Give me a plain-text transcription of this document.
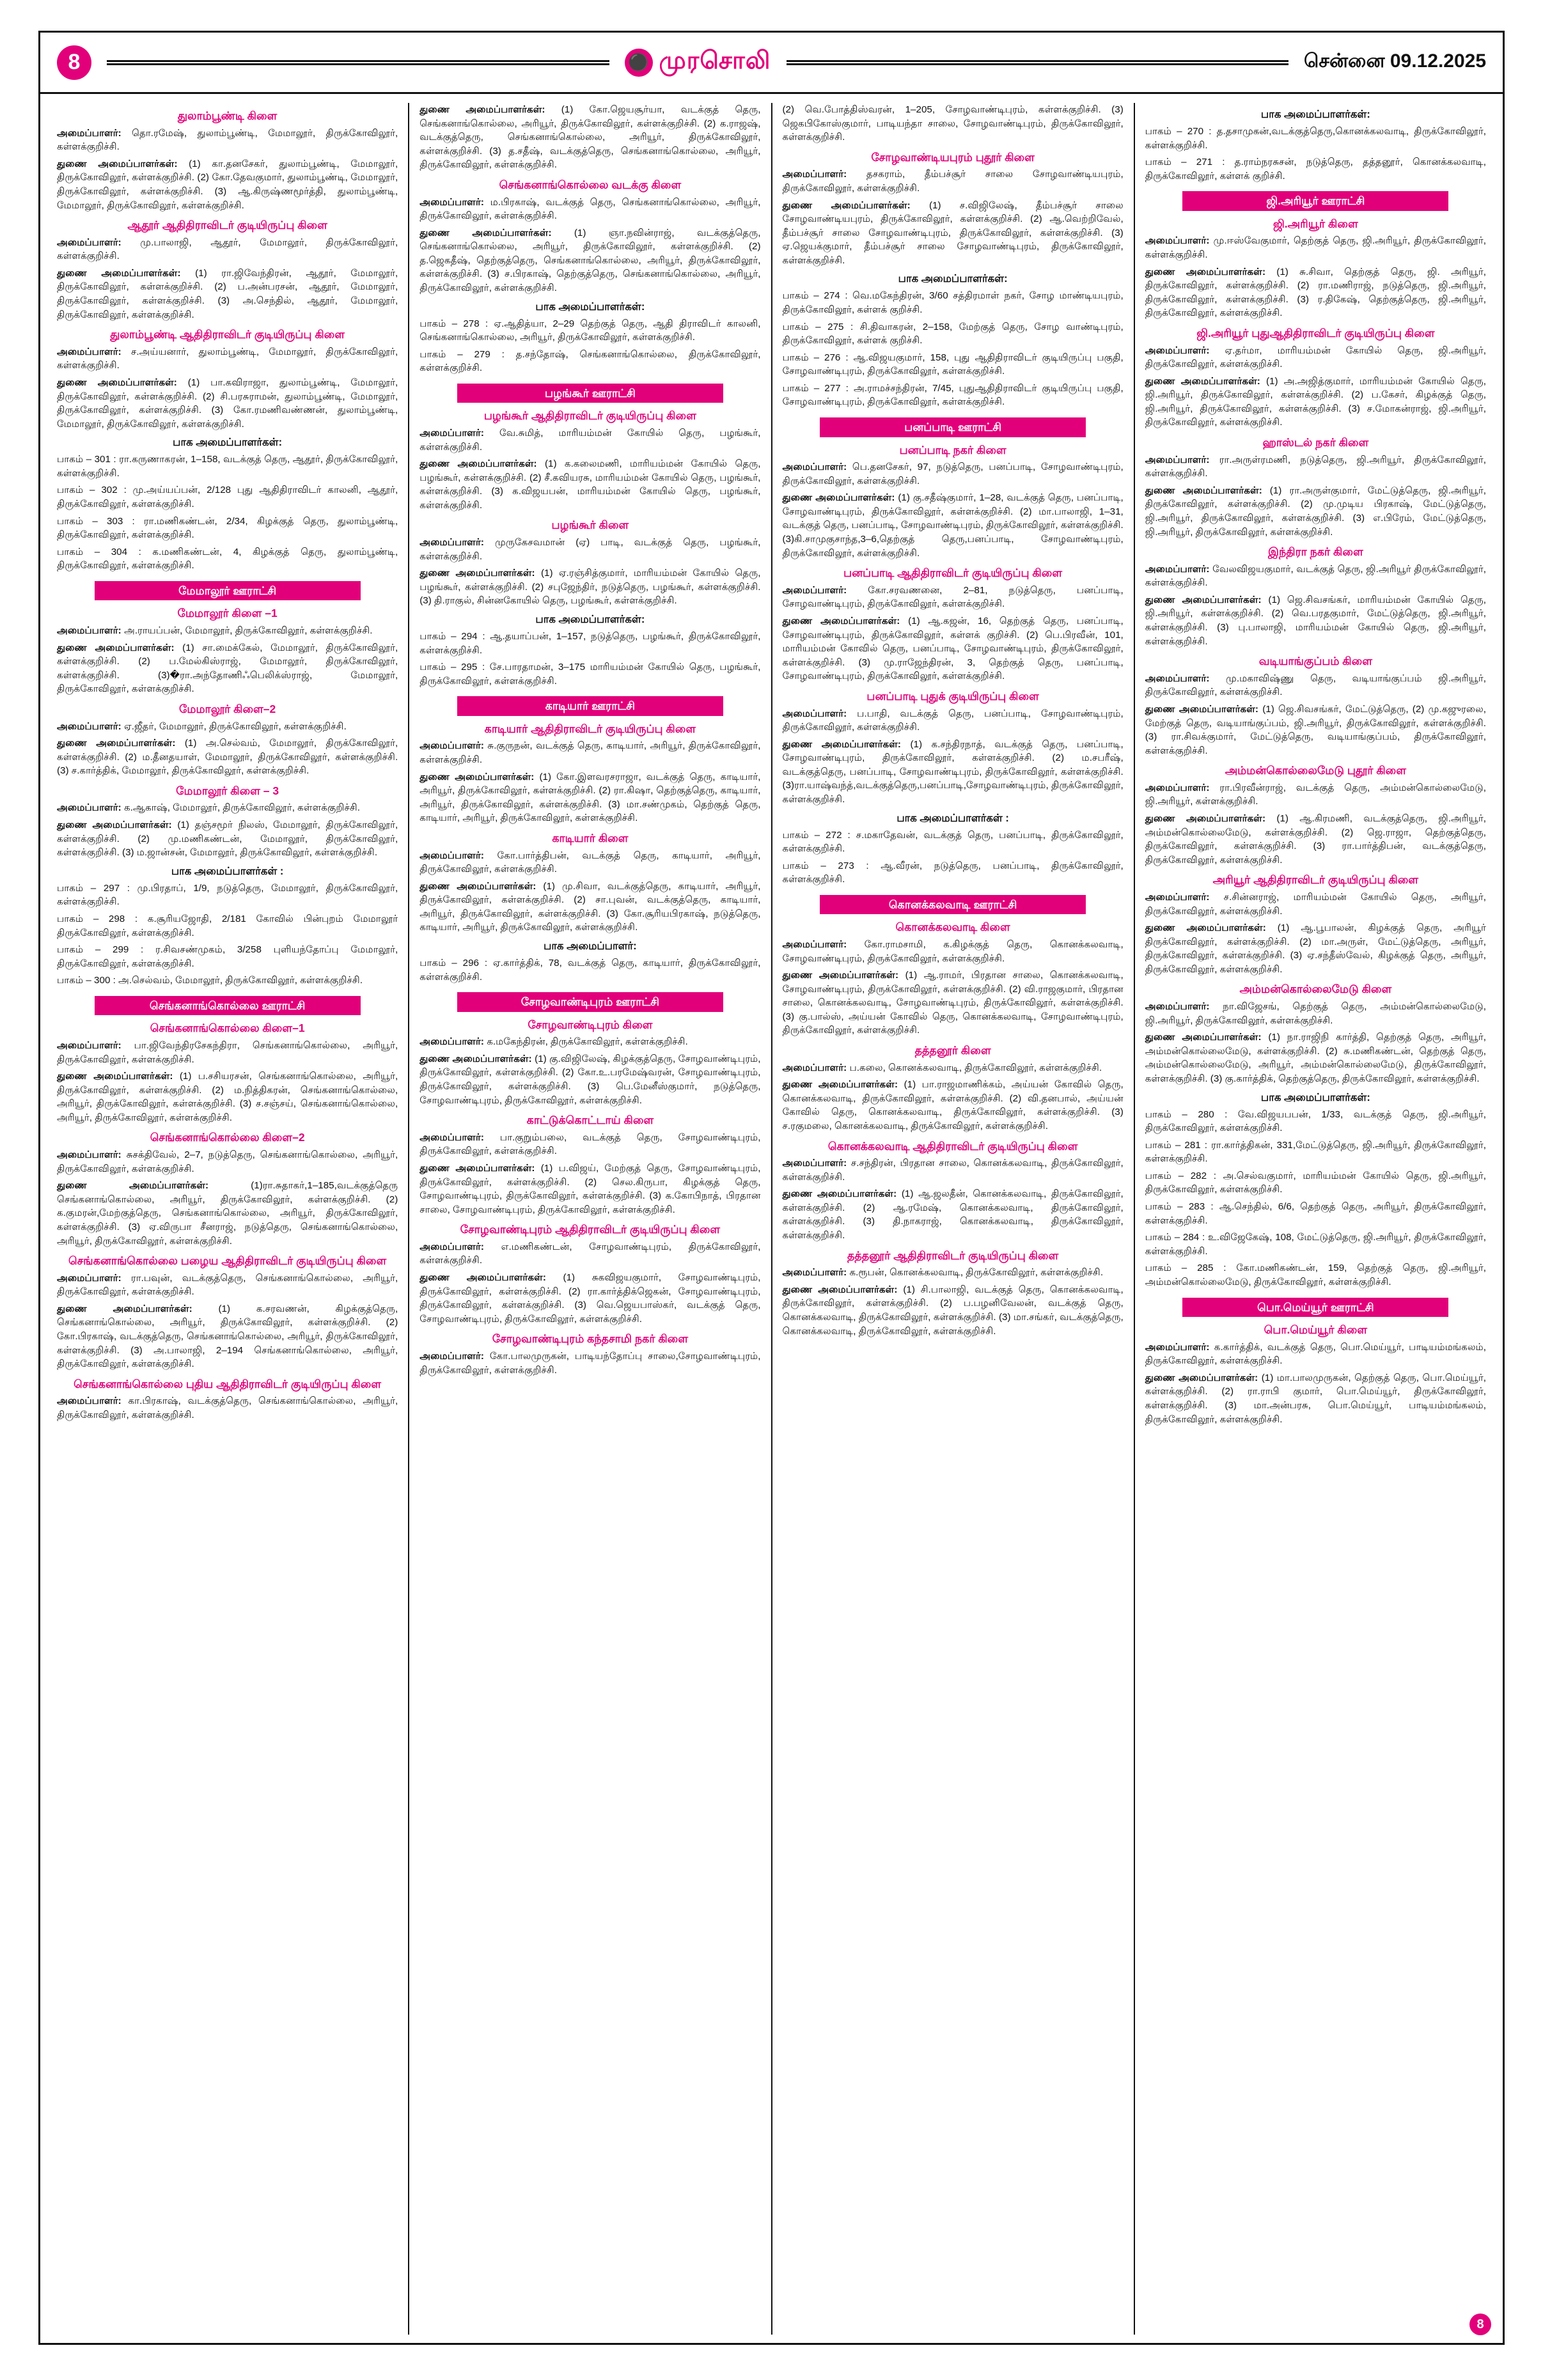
8	⚫ முரசொலி	சென்னை 09.12.2025
துலாம்பூண்டி கிளை

அமைப்பாளர்: தொ.ரமேஷ், துலாம்பூண்டி, மேமாலூர், திருக்கோவிலூர், கள்ளக்குறிச்சி.

துணை அமைப்பாளர்கள்: (1) கா.தனசேகர், துலாம்பூண்டி, மேமாலூர், திருக்கோவிலூர், கள்ளக்குறிச்சி. (2) கோ.தேவகுமார், துலாம்பூண்டி, மேமாலூர், திருக்கோவிலூர், கள்ளக்குறிச்சி. (3) ஆ.கிருஷ்ணமூர்த்தி, துலாம்பூண்டி, மேமாலூர், திருக்கோவிலூர், கள்ளக்குறிச்சி.

ஆதூர் ஆதிதிராவிடர் குடியிருப்பு கிளை

அமைப்பாளர்: மு.பாலாஜி, ஆதூர், மேமாலூர், திருக்கோவிலூர், கள்ளக்குறிச்சி.

துணை அமைப்பாளர்கள்: (1) ரா.ஜிவேந்திரன், ஆதூர், மேமாலூர், திருக்கோவிலூர், கள்ளக்குறிச்சி. (2) ப.அன்பரசன், ஆதூர், மேமாலூர், திருக்கோவிலூர், கள்ளக்குறிச்சி. (3) அ.செந்தில், ஆதூர், மேமாலூர், திருக்கோவிலூர், கள்ளக்குறிச்சி.

துலாம்பூண்டி ஆதிதிராவிடர் குடியிருப்பு கிளை

அமைப்பாளர்: ச.அய்யனார், துலாம்பூண்டி, மேமாலூர், திருக்கோவிலூர், கள்ளக்குறிச்சி.

துணை அமைப்பாளர்கள்: (1) பா.கவிராஜா, துலாம்பூண்டி, மேமாலூர், திருக்கோவிலூர், கள்ளக்குறிச்சி. (2) சி.பரசுராமன், துலாம்பூண்டி, மேமாலூர், திருக்கோவிலூர், கள்ளக்குறிச்சி. (3) கோ.ரமணிவண்ணன், துலாம்பூண்டி, மேமாலூர், திருக்கோவிலூர், கள்ளக்குறிச்சி.

பாக அமைப்பாளர்கள்:

பாகம் – 301 : ரா.கருணாகரன், 1–158, வடக்குத் தெரு, ஆதூர், திருக்கோவிலூர், கள்ளக்குறிச்சி.

பாகம் – 302 : மு.அய்யப்பன், 2/128 புது ஆதிதிராவிடர் காலனி, ஆதூர், திருக்கோவிலூர், கள்ளக்குறிச்சி.

பாகம் – 303 : ரா.மணிகண்டன், 2/34, கிழக்குத் தெரு, துலாம்பூண்டி, திருக்கோவிலூர், கள்ளக்குறிச்சி.

பாகம் – 304 : க.மணிகண்டன், 4, கிழக்குத் தெரு, துலாம்பூண்டி, திருக்கோவிலூர், கள்ளக்குறிச்சி.

மேமாலூர் ஊராட்சி
மேமாலூர் கிளை –1

அமைப்பாளர்: அ.ராயப்பன், மேமாலூர், திருக்கோவிலூர், கள்ளக்குறிச்சி.

துணை அமைப்பாளர்கள்: (1) சா.மைக்கேல், மேமாலூர், திருக்கோவிலூர், கள்ளக்குறிச்சி. (2) ப.மேல்கிஸ்ராஜ், மேமாலூர், திருக்கோவிலூர், கள்ளக்குறிச்சி. (3)�ரா.அந்தோணிஃபெலிக்ஸ்ராஜ், மேமாலூர், திருக்கோவிலூர், கள்ளக்குறிச்சி.

மேமாலூர் கிளை–2

அமைப்பாளர்: ஏ.ஜீதர், மேமாலூர், திருக்கோவிலூர், கள்ளக்குறிச்சி.

துணை அமைப்பாளர்கள்: (1) அ.செல்வம், மேமாலூர், திருக்கோவிலூர், கள்ளக்குறிச்சி. (2) ம.தீனதயாள், மேமாலூர், திருக்கோவிலூர், கள்ளக்குறிச்சி. (3) ச.கார்த்திக், மேமாலூர், திருக்கோவிலூர், கள்ளக்குறிச்சி.

மேமாலூர் கிளை – 3

அமைப்பாளர்: க.ஆகாஷ், மேமாலூர், திருக்கோவிலூர், கள்ளக்குறிச்சி.

துணை அமைப்பாளர்கள்: (1) தஞ்சமூர் நிலஸ், மேமாலூர், திருக்கோவிலூர், கள்ளக்குறிச்சி. (2) மு.மணிகண்டன், மேமாலூர், திருக்கோவிலூர், கள்ளக்குறிச்சி. (3) ம.ஜான்சன், மேமாலூர், திருக்கோவிலூர், கள்ளக்குறிச்சி.

பாக அமைப்பாளர்கள் :

பாகம் – 297 : மு.பிரதாப், 1/9, நடுத்தெரு, மேமாலூர், திருக்கோவிலூர், கள்ளக்குறிச்சி.

பாகம் – 298 : க.சூரியஜோதி, 2/181 கோவில் பின்புறம் மேமாலூர் திருக்கோவிலூர், கள்ளக்குறிச்சி.

பாகம் – 299 : ர.சிவசண்முகம், 3/258 புளியந்தோப்பு மேமாலூர், திருக்கோவிலூர், கள்ளக்குறிச்சி.

பாகம் – 300 : அ.செல்வம், மேமாலூர், திருக்கோவிலூர், கள்ளக்குறிச்சி.

செங்கனாங்கொல்லை ஊராட்சி
செங்கனாங்கொல்லை கிளை–1

அமைப்பாளர்: பா.ஜிவேந்திரசேகந்திரா, செங்கனாங்கொல்லை, அரியூர், திருக்கோவிலூர், கள்ளக்குறிச்சி.

துணை அமைப்பாளர்கள்: (1) ப.சசியரசன், செங்கனாங்கொல்லை, அரியூர், திருக்கோவிலூர், கள்ளக்குறிச்சி. (2) ம.நித்திகரன், செங்கனாங்கொல்லை, அரியூர், திருக்கோவிலூர், கள்ளக்குறிச்சி. (3) ச.சஞ்சய், செங்கனாங்கொல்லை, அரியூர், திருக்கோவிலூர், கள்ளக்குறிச்சி.

செங்கனாங்கொல்லை கிளை–2

அமைப்பாளர்: சுசக்திவேல், 2–7, நடுத்தெரு, செங்கனாங்கொல்லை, அரியூர், திருக்கோவிலூர், கள்ளக்குறிச்சி.

துணை அமைப்பாளர்கள்: (1)ரா.சுதாகர்,1–185,வடக்குத்தெரு செங்கனாங்கொல்லை, அரியூர், திருக்கோவிலூர், கள்ளக்குறிச்சி. (2) க.குமரன்,மேற்குத்தெரு, செங்கனாங்கொல்லை, அரியூர், திருக்கோவிலூர், கள்ளக்குறிச்சி. (3) ஏ.விருபா சீனராஜ், நடுத்தெரு, செங்கனாங்கொல்லை, அரியூர், திருக்கோவிலூர், கள்ளக்குறிச்சி.

செங்கனாங்கொல்லை பழைய ஆதிதிராவிடர் குடியிருப்பு கிளை

அமைப்பாளர்: ரா.பவுன், வடக்குத்தெரு, செங்கனாங்கொல்லை, அரியூர், திருக்கோவிலூர், கள்ளக்குறிச்சி.

துணை அமைப்பாளர்கள்: (1) க.சரவணன், கிழக்குத்தெரு, செங்கனாங்கொல்லை, அரியூர், திருக்கோவிலூர், கள்ளக்குறிச்சி. (2) கோ.பிரகாஷ், வடக்குத்தெரு, செங்கனாங்கொல்லை, அரியூர், திருக்கோவிலூர், கள்ளக்குறிச்சி. (3) அ.பாலாஜி, 2–194 செங்கனாங்கொல்லை, அரியூர், திருக்கோவிலூர், கள்ளக்குறிச்சி.

செங்கனாங்கொல்லை புதிய ஆதிதிராவிடர் குடியிருப்பு கிளை

அமைப்பாளர்: கா.பிரகாஷ், வடக்குத்தெரு, செங்கனாங்கொல்லை, அரியூர், திருக்கோவிலூர், கள்ளக்குறிச்சி.

துணை அமைப்பாளர்கள்: (1) கோ.ஜெயசூர்யா, வடக்குத் தெரு, செங்கனாங்கொல்லை, அரியூர், திருக்கோவிலூர், கள்ளக்குறிச்சி. (2) க.ராஜஷ், வடக்குத்தெரு, செங்கனாங்கொல்லை, அரியூர், திருக்கோவிலூர், கள்ளக்குறிச்சி. (3) த.சதீஷ், வடக்குத்தெரு, செங்கனாங்கொல்லை, அரியூர், திருக்கோவிலூர், கள்ளக்குறிச்சி.

செங்கனாங்கொல்லை வடக்கு கிளை

அமைப்பாளர்: ம.பிரகாஷ், வடக்குத் தெரு, செங்கனாங்கொல்லை, அரியூர், திருக்கோவிலூர், கள்ளக்குறிச்சி.

துணை அமைப்பாளர்கள்: (1) ஞா.நவின்ராஜ், வடக்குத்தெரு, செங்கனாங்கொல்லை, அரியூர், திருக்கோவிலூர், கள்ளக்குறிச்சி. (2) த.ஜெகதீஷ், தெற்குத்தெரு, செங்கனாங்கொல்லை, அரியூர், திருக்கோவிலூர், கள்ளக்குறிச்சி. (3) ச.பிரகாஷ், தெற்குத்தெரு, செங்கனாங்கொல்லை, அரியூர், திருக்கோவிலூர், கள்ளக்குறிச்சி.

பாக அமைப்பாளர்கள்:

பாகம் – 278 : ஏ.ஆதித்யா, 2–29 தெற்குத் தெரு, ஆதி திராவிடர் காலனி, செங்கனாங்கொல்லை, அரியூர், திருக்கோவிலூர், கள்ளக்குறிச்சி.

பாகம் – 279 : த.சந்தோஷ், செங்கனாங்கொல்லை, திருக்கோவிலூர், கள்ளக்குறிச்சி.

பழங்கூர் ஊராட்சி
பழங்கூர் ஆதிதிராவிடர் குடியிருப்பு கிளை

அமைப்பாளர்: வே.சுமித், மாரியம்மன் கோயில் தெரு, பழங்கூர், கள்ளக்குறிச்சி.

துணை அமைப்பாளர்கள்: (1) க.கலைமணி, மாரியம்மன் கோயில் தெரு, பழங்கூர், கள்ளக்குறிச்சி. (2) சீ.கவியரசு, மாரியம்மன் கோயில் தெரு, பழங்கூர், கள்ளக்குறிச்சி. (3) க.விஜயபன், மாரியம்மன் கோயில் தெரு, பழங்கூர், கள்ளக்குறிச்சி.

பழங்கூர் கிளை

அமைப்பாளர்: முருகேசவமான் (ஏ) பாடி, வடக்குத் தெரு, பழங்கூர், கள்ளக்குறிச்சி.

துணை அமைப்பாளர்கள்: (1) ஏ.ரஞ்சித்குமார், மாரியம்மன் கோயில் தெரு, பழங்கூர், கள்ளக்குறிச்சி. (2) சபுஜேந்திர், நடுத்தெரு, பழங்கூர், கள்ளக்குறிச்சி. (3) தி.ராகுல், சின்னகோயில் தெரு, பழங்கூர், கள்ளக்குறிச்சி.

பாக அமைப்பாளர்கள்:

பாகம் – 294 : ஆ.தயாப்பன், 1–157, நடுத்தெரு, பழங்கூர், திருக்கோவிலூர், கள்ளக்குறிச்சி.

பாகம் – 295 : சே.பாரதாமன், 3–175 மாரியம்மன் கோயில் தெரு, பழங்கூர், திருக்கோவிலூர், கள்ளக்குறிச்சி.

காடியார் ஊராட்சி
காடியார் ஆதிதிராவிடர் குடியிருப்பு கிளை

அமைப்பாளர்: சு.குருநன், வடக்குத் தெரு, காடியார், அரியூர், திருக்கோவிலூர், கள்ளக்குறிச்சி.

துணை அமைப்பாளர்கள்: (1) கோ.இளவரசராஜா, வடக்குத் தெரு, காடியார், அரியூர், திருக்கோவிலூர், கள்ளக்குறிச்சி. (2) ரா.கிஷா, தெற்குத்தெரு, காடியார், அரியூர், திருக்கோவிலூர், கள்ளக்குறிச்சி. (3) மா.சண்முகம், தெற்குத் தெரு, காடியார், அரியூர், திருக்கோவிலூர், கள்ளக்குறிச்சி.

காடியார் கிளை

அமைப்பாளர்: கோ.பார்த்திபன், வடக்குத் தெரு, காடியார், அரியூர், திருக்கோவிலூர், கள்ளக்குறிச்சி.

துணை அமைப்பாளர்கள்: (1) மு.சிவா, வடக்குத்தெரு, காடியார், அரியூர், திருக்கோவிலூர், கள்ளக்குறிச்சி. (2) சா.புவன், வடக்குத்தெரு, காடியார், அரியூர், திருக்கோவிலூர், கள்ளக்குறிச்சி. (3) கோ.சூரியபிரகாஷ், நடுத்தெரு, காடியார், அரியூர், திருக்கோவிலூர், கள்ளக்குறிச்சி.

பாக அமைப்பாளர்:

பாகம் – 296 : ஏ.கார்த்திக், 78, வடக்குத் தெரு, காடியார், திருக்கோவிலூர், கள்ளக்குறிச்சி.

சோழவாண்டிபுரம் ஊராட்சி
சோழவாண்டிபுரம் கிளை

அமைப்பாளர்: க.மகேந்திரன், திருக்கோவிலூர், கள்ளக்குறிச்சி.

துணை அமைப்பாளர்கள்: (1) கு.விஜிலேஷ், கிழக்குத்தெரு, சோழவாண்டிபுரம், திருக்கோவிலூர், கள்ளக்குறிச்சி. (2) கோ.உ.பரமேஷ்வரன், சோழவாண்டிபுரம், திருக்கோவிலூர், கள்ளக்குறிச்சி. (3) பெ.மேனீஸ்குமார், நடுத்தெரு, சோழவாண்டிபுரம், திருக்கோவிலூர், கள்ளக்குறிச்சி.

காட்டுக்கொட்டாய் கிளை

அமைப்பாளர்: பா.குறும்பலை, வடக்குத் தெரு, சோழவாண்டிபுரம், திருக்கோவிலூர், கள்ளக்குறிச்சி.

துணை அமைப்பாளர்கள்: (1) ப.விஜய், மேற்குத் தெரு, சோழவாண்டிபுரம், திருக்கோவிலூர், கள்ளக்குறிச்சி. (2) செல.கிருபா, கிழக்குத் தெரு, சோழவாண்டிபுரம், திருக்கோவிலூர், கள்ளக்குறிச்சி. (3) க.கோபிநாத், பிரதான சாலை, சோழவாண்டிபுரம், திருக்கோவிலூர், கள்ளக்குறிச்சி.

சோழவாண்டிபுரம் ஆதிதிராவிடர் குடியிருப்பு கிளை

அமைப்பாளர்: எ.மணிகண்டன், சோழவாண்டிபுரம், திருக்கோவிலூர், கள்ளக்குறிச்சி.

துணை அமைப்பாளர்கள்: (1) சுகவிஜயகுமார், சோழவாண்டிபுரம், திருக்கோவிலூர், கள்ளக்குறிச்சி. (2) ரா.கார்த்திக்ஜெகன், சோழவாண்டிபுரம், திருக்கோவிலூர், கள்ளக்குறிச்சி. (3) வெ.ஜெயபாஸ்கர், வடக்குத் தெரு, சோழவாண்டிபுரம், திருக்கோவிலூர், கள்ளக்குறிச்சி.

சோழவாண்டிபுரம் கந்தசாமி நகர் கிளை

அமைப்பாளர்: கோ.பாலமுருகன், பாடியந்தோப்பு சாலை,சோழவாண்டிபுரம், திருக்கோவிலூர், கள்ளக்குறிச்சி.

(2) வெ.போத்திஸ்வரன், 1–205, சோழவாண்டிபுரம், கள்ளக்குறிச்சி. (3) ஜெகபிகோஸ்குமார், பாடியந்தா சாலை, சோழவாண்டிபுரம், திருக்கோவிலூர், கள்ளக்குறிச்சி.

சோழவாண்டியபுரம் புதூர் கிளை

அமைப்பாளர்: தசகராம், தீம்பச்சூர் சாலை சோழவாண்டியபுரம், திருக்கோவிலூர், கள்ளக்குறிச்சி.

துணை அமைப்பாளர்கள்: (1) ச.விஜிலேஷ், தீம்பச்சூர் சாலை சோழவாண்டியபுரம், திருக்கோவிலூர், கள்ளக்குறிச்சி. (2) ஆ.வெற்றிவேல், தீம்பச்சூர் சாலை சோழவாண்டிபுரம், திருக்கோவிலூர், கள்ளக்குறிச்சி. (3) ஏ.ஜெயக்குமார், தீம்பச்சூர் சாலை சோழவாண்டிபுரம், திருக்கோவிலூர், கள்ளக்குறிச்சி.

பாக அமைப்பாளர்கள்:

பாகம் – 274 : வெ.மகேந்திரன், 3/60 சத்திரமாள் நகர், சோழ மாண்டியபுரம், திருக்கோவிலூர், கள்ளக் குறிச்சி.

பாகம் – 275 : சி.திவாகரன், 2–158, மேற்குத் தெரு, சோழ வாண்டிபுரம், திருக்கோவிலூர், கள்ளக் குறிச்சி.

பாகம் – 276 : ஆ.விஜயகுமார், 158, புது ஆதிதிராவிடர் குடியிருப்பு பகுதி, சோழவாண்டிபுரம், திருக்கோவிலூர், கள்ளக்குறிச்சி.

பாகம் – 277 : அ.ராமச்சந்திரன், 7/45, புதுஆதிதிராவிடர் குடியிருப்பு பகுதி, சோழவாண்டிபுரம், திருக்கோவிலூர், கள்ளக்குறிச்சி.

பனப்பாடி ஊராட்சி
பனப்பாடி நகர் கிளை

அமைப்பாளர்: பெ.தனசேகர், 97, நடுத்தெரு, பனப்பாடி, சோழவாண்டிபுரம், திருக்கோவிலூர், கள்ளக்குறிச்சி.

துணை அமைப்பாளர்கள்: (1) கு.சதீஷ்குமார், 1–28, வடக்குத் தெரு, பனப்பாடி, சோழவாண்டிபுரம், திருக்கோவிலூர், கள்ளக்குறிச்சி. (2) மா.பாலாஜி, 1–31, வடக்குத் தெரு, பனப்பாடி, சோழவாண்டிபுரம், திருக்கோவிலூர், கள்ளக்குறிச்சி. (3)கி.சாமுகுசாந்த,3–6,தெற்குத் தெரு,பனப்பாடி, சோழவாண்டிபுரம், திருக்கோவிலூர், கள்ளக்குறிச்சி.

பனப்பாடி ஆதிதிராவிடர் குடியிருப்பு கிளை

அமைப்பாளர்: கோ.சரவணனை, 2–81, நடுத்தெரு, பனப்பாடி, சோழவாண்டிபுரம், திருக்கோவிலூர், கள்ளக்குறிச்சி.

துணை அமைப்பாளர்கள்: (1) ஆ.கஜன், 16, தெற்குத் தெரு, பனப்பாடி, சோழவாண்டிபுரம், திருக்கோவிலூர், கள்ளக் குறிச்சி. (2) பெ.பிரவீன், 101, மாரியம்மன் கோவில் தெரு, பனப்பாடி, சோழவாண்டிபுரம், திருக்கோவிலூர், கள்ளக்குறிச்சி. (3) மு.ராஜேந்திரன், 3, தெற்குத் தெரு, பனப்பாடி, சோழவாண்டிபுரம், திருக்கோவிலூர், கள்ளக்குறிச்சி.

பனப்பாடி புதுக் குடியிருப்பு கிளை

அமைப்பாளர்: ப.பாதி, வடக்குத் தெரு, பனப்பாடி, சோழவாண்டிபுரம், திருக்கோவிலூர், கள்ளக்குறிச்சி.

துணை அமைப்பாளர்கள்: (1) க.சந்திரநாத், வடக்குத் தெரு, பனப்பாடி, சோழவாண்டிபுரம், திருக்கோவிலூர், கள்ளக்குறிச்சி. (2) ம.சபரீஷ், வடக்குத்தெரு, பனப்பாடி, சோழவாண்டிபுரம், திருக்கோவிலூர், கள்ளக்குறிச்சி. (3)ரா.யாஷ்வந்த்,வடக்குத்தெரு,பனப்பாடி,சோழவாண்டிபுரம், திருக்கோவிலூர், கள்ளக்குறிச்சி.

பாக அமைப்பாளர்கள் :

பாகம் – 272 : ச.மகாதேவன், வடக்குத் தெரு, பனப்பாடி, திருக்கோவிலூர், கள்ளக்குறிச்சி.

பாகம் – 273 : ஆ.வீரன், நடுத்தெரு, பனப்பாடி, திருக்கோவிலூர், கள்ளக்குறிச்சி.

கொனக்கலவாடி ஊராட்சி
கொனக்கலவாடி கிளை

அமைப்பாளர்: கோ.ராமசாமி, க.கிழக்குத் தெரு, கொனக்கலவாடி, சோழவாண்டிபுரம், திருக்கோவிலூர், கள்ளக்குறிச்சி.

துணை அமைப்பாளர்கள்: (1) ஆ.ராமர், பிரதான சாலை, கொனக்கலவாடி, சோழவாண்டிபுரம், திருக்கோவிலூர், கள்ளக்குறிச்சி. (2) வி.ராஜகுமார், பிரதான சாலை, கொனக்கலவாடி, சோழவாண்டிபுரம், திருக்கோவிலூர், கள்ளக்குறிச்சி. (3) கு.பால்ஸ், அய்யன் கோவில் தெரு, கொனக்கலவாடி, சோழவாண்டிபுரம், திருக்கோவிலூர், கள்ளக்குறிச்சி.

தத்தனூர் கிளை

அமைப்பாளர்: ப.கலை, கொனக்கலவாடி, திருக்கோவிலூர், கள்ளக்குறிச்சி.

துணை அமைப்பாளர்கள்: (1) பா.ராஜமாணிக்கம், அய்யன் கோவில் தெரு, கொனக்கலவாடி, திருக்கோவிலூர், கள்ளக்குறிச்சி. (2) வி.தனபால், அய்யன் கோவில் தெரு, கொனக்கலவாடி, திருக்கோவிலூர், கள்ளக்குறிச்சி. (3) ச.ரகுமலை, கொனக்கலவாடி, திருக்கோவிலூர், கள்ளக்குறிச்சி.

கொனக்கலவாடி ஆதிதிராவிடர் குடியிருப்பு கிளை

அமைப்பாளர்: ச.சந்திரன், பிரதான சாலை, கொனக்கலவாடி, திருக்கோவிலூர், கள்ளக்குறிச்சி.

துணை அமைப்பாளர்கள்: (1) ஆ.ஜலதீன், கொனக்கலவாடி, திருக்கோவிலூர், கள்ளக்குறிச்சி. (2) ஆ.ரமேஷ், கொனக்கலவாடி, திருக்கோவிலூர், கள்ளக்குறிச்சி. (3) தி.நாகராஜ், கொனக்கலவாடி, திருக்கோவிலூர், கள்ளக்குறிச்சி.

தத்தனூர் ஆதிதிராவிடர் குடியிருப்பு கிளை

அமைப்பாளர்: க.ரூபன், கொனக்கலவாடி, திருக்கோவிலூர், கள்ளக்குறிச்சி.

துணை அமைப்பாளர்கள்: (1) சி.பாலாஜி, வடக்குத் தெரு, கொனக்கலவாடி, திருக்கோவிலூர், கள்ளக்குறிச்சி. (2) ப.பழனிவேலன், வடக்குத் தெரு, கொனக்கலவாடி, திருக்கோவிலூர், கள்ளக்குறிச்சி. (3) மா.சங்கர், வடக்குத்தெரு, கொனக்கலவாடி, திருக்கோவிலூர், கள்ளக்குறிச்சி.

பாக அமைப்பாளர்கள்:

பாகம் – 270 : த.தசாமுகன்,வடக்குத்தெரு,கொனக்கலவாடி, திருக்கோவிலூர், கள்ளக்குறிச்சி.

பாகம் – 271 : த.ராம்நரசுசன், நடுத்தெரு, தத்தனூர், கொனக்கலவாடி, திருக்கோவிலூர், கள்ளக் குறிச்சி.

ஜி.அரியூர் ஊராட்சி
ஜி.அரியூர் கிளை

அமைப்பாளர்: மு.ஈஸ்வேகுமார், தெற்குத் தெரு, ஜி.அரியூர், திருக்கோவிலூர், கள்ளக்குறிச்சி.

துணை அமைப்பாளர்கள்: (1) சு.சிவா, தெற்குத் தெரு, ஜி. அரியூர், திருக்கோவிலூர், கள்ளக்குறிச்சி. (2) ரா.மணிராஜ், நடுத்தெரு, ஜி.அரியூர், திருக்கோவிலூர், கள்ளக்குறிச்சி. (3) ர.திகேஷ், தெற்குத்தெரு, ஜி.அரியூர், திருக்கோவிலூர், கள்ளக்குறிச்சி.

ஜி.அரியூர் புதுஆதிதிராவிடர் குடியிருப்பு கிளை

அமைப்பாளர்: ஏ.தர்மா, மாரியம்மன் கோயில் தெரு, ஜி.அரியூர், திருக்கோவிலூர், கள்ளக்குறிச்சி.

துணை அமைப்பாளர்கள்: (1) அ.அஜித்குமார், மாரியம்மன் கோயில் தெரு, ஜி.அரியூர், திருக்கோவிலூர், கள்ளக்குறிச்சி. (2) ப.கேசர், கிழக்குத் தெரு, ஜி.அரியூர், திருக்கோவிலூர், கள்ளக்குறிச்சி. (3) ச.மோகன்ராஜ், ஜி.அரியூர், திருக்கோவிலூர், கள்ளக்குறிச்சி.

ஹாஸ்டல் நகர் கிளை

அமைப்பாளர்: ரா.அருள்ரமணி, நடுத்தெரு, ஜி.அரியூர், திருக்கோவிலூர், கள்ளக்குறிச்சி.

துணை அமைப்பாளர்கள்: (1) ரா.அருள்குமார், மேட்டுத்தெரு, ஜி.அரியூர், திருக்கோவிலூர், கள்ளக்குறிச்சி. (2) மு.முடிய பிரகாஷ், மேட்டுத்தெரு, ஜி.அரியூர், திருக்கோவிலூர், கள்ளக்குறிச்சி. (3) எ.பிரேம், மேட்டுத்தெரு, ஜி.அரியூர், திருக்கோவிலூர், கள்ளக்குறிச்சி.

இந்திரா நகர் கிளை

அமைப்பாளர்: வேலவிஜயகுமார், வடக்குத் தெரு, ஜி.அரியூர் திருக்கோவிலூர், கள்ளக்குறிச்சி.

துணை அமைப்பாளர்கள்: (1) ஜெ.சிவசங்கர், மாரியம்மன் கோயில் தெரு, ஜி.அரியூர், கள்ளக்குறிச்சி. (2) வெ.பரதகுமார், மேட்டுத்தெரு, ஜி.அரியூர், கள்ளக்குறிச்சி. (3) பு.பாலாஜி, மாரியம்மன் கோயில் தெரு, ஜி.அரியூர், கள்ளக்குறிச்சி.

வடியாங்குப்பம் கிளை

அமைப்பாளர்: மு.மகாவிஷ்ணு தெரு, வடியாங்குப்பம் ஜி.அரியூர், திருக்கோவிலூர், கள்ளக்குறிச்சி.

துணை அமைப்பாளர்கள்: (1) ஜெ.சிவசங்கர், மேட்டுத்தெரு, (2) மு.கஜுரலை, மேற்குத் தெரு, வடியாங்குப்பம், ஜி.அரியூர், திருக்கோவிலூர், கள்ளக்குறிச்சி. (3) ரா.சிவக்குமார், மேட்டுத்தெரு, வடியாங்குப்பம், திருக்கோவிலூர், கள்ளக்குறிச்சி.

அம்மன்கொல்லைமேடு புதூர் கிளை

அமைப்பாளர்: ரா.பிரவீன்ராஜ், வடக்குத் தெரு, அம்மன்கொல்லைமேடு, ஜி.அரியூர், கள்ளக்குறிச்சி.

துணை அமைப்பாளர்கள்: (1) ஆ.கிரமணி, வடக்குத்தெரு, ஜி.அரியூர், அம்மன்கொல்லைமேடு, கள்ளக்குறிச்சி. (2) ஜெ.ராஜா, தெற்குத்தெரு, திருக்கோவிலூர், கள்ளக்குறிச்சி. (3) ரா.பார்த்திபன், வடக்குத்தெரு, திருக்கோவிலூர், கள்ளக்குறிச்சி.

அரியூர் ஆதிதிராவிடர் குடியிருப்பு கிளை

அமைப்பாளர்: ச.சின்னராஜ், மாரியம்மன் கோயில் தெரு, அரியூர், திருக்கோவிலூர், கள்ளக்குறிச்சி.

துணை அமைப்பாளர்கள்: (1) ஆ.பூபாலன், கிழக்குத் தெரு, அரியூர் திருக்கோவிலூர், கள்ளக்குறிச்சி. (2) மா.அருள், மேட்டுத்தெரு, அரியூர், திருக்கோவிலூர், கள்ளக்குறிச்சி. (3) ஏ.சந்தீஸ்வேல், கிழக்குத் தெரு, அரியூர், திருக்கோவிலூர், கள்ளக்குறிச்சி.

அம்மன்கொல்லைமேடு கிளை

அமைப்பாளர்: நா.விஜேசங், தெற்குத் தெரு, அம்மன்கொல்லைமேடு, ஜி.அரியூர், திருக்கோவிலூர், கள்ளக்குறிச்சி.

துணை அமைப்பாளர்கள்: (1) நா.ராஜிநி கார்த்தி, தெற்குத் தெரு, அரியூர், அம்மன்கொல்லைமேடு, கள்ளக்குறிச்சி. (2) சு.மணிகண்டன், தெற்குத் தெரு, அம்மன்கொல்லைமேடு, அரியூர், அம்மன்கொல்லைமேடு, திருக்கோவிலூர், கள்ளக்குறிச்சி. (3) கு.கார்த்திக், தெற்குத்தெரு, திருக்கோவிலூர், கள்ளக்குறிச்சி.

பாக அமைப்பாளர்கள்:

பாகம் – 280 : வே.விஜயபபன், 1/33, வடக்குத் தெரு, ஜி.அரியூர், திருக்கோவிலூர், கள்ளக்குறிச்சி.

பாகம் – 281 : ரா.கார்த்திகன், 331,மேட்டுத்தெரு, ஜி.அரியூர், திருக்கோவிலூர், கள்ளக்குறிச்சி.

பாகம் – 282 : அ.செல்வகுமார், மாரியம்மன் கோயில் தெரு, ஜி.அரியூர், திருக்கோவிலூர், கள்ளக்குறிச்சி.

பாகம் – 283 : ஆ.செந்தில், 6/6, தெற்குத் தெரு, அரியூர், திருக்கோவிலூர், கள்ளக்குறிச்சி.

பாகம் – 284 : உ.விஜேகேஷ், 108, மேட்டுத்தெரு, ஜி.அரியூர், திருக்கோவிலூர், கள்ளக்குறிச்சி.

பாகம் – 285 : கோ.மணிகண்டன், 159, தெற்குத் தெரு, ஜி.அரியூர், அம்மன்கொல்லைமேடு, திருக்கோவிலூர், கள்ளக்குறிச்சி.

பொ.மெய்யூர் ஊராட்சி
பொ.மெய்யூர் கிளை

அமைப்பாளர்: க.கார்த்திக், வடக்குத் தெரு, பொ.மெய்யூர், பாடியம்மங்கலம், திருக்கோவிலூர், கள்ளக்குறிச்சி.

துணை அமைப்பாளர்கள்: (1) மா.பாலமுருகன், தெற்குத் தெரு, பொ.மெய்யூர், கள்ளக்குறிச்சி. (2) ரா.ராபி குமார், பொ.மெய்யூர், திருக்கோவிலூர், கள்ளக்குறிச்சி. (3) மா.அன்பரசு, பொ.மெய்யூர், பாடியம்மங்கலம், திருக்கோவிலூர், கள்ளக்குறிச்சி.

8
